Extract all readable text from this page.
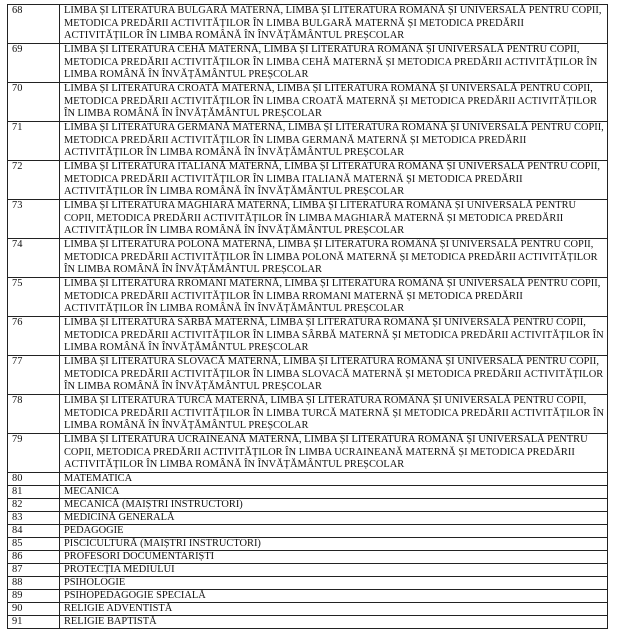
68	LIMBA ȘI LITERATURA BULGARĂ MATERNĂ, LIMBA ȘI LITERATURA ROMÂNĂ ȘI UNIVERSALĂ PENTRU COPII, METODICA PREDĂRII ACTIVITĂȚILOR ÎN LIMBA BULGARĂ MATERNĂ ȘI METODICA PREDĂRII ACTIVITĂȚILOR ÎN LIMBA ROMÂNĂ ÎN ÎNVĂȚĂMÂNTUL PREȘCOLAR
69	LIMBA ȘI LITERATURA CEHĂ MATERNĂ, LIMBA ȘI LITERATURA ROMÂNĂ ȘI UNIVERSALĂ PENTRU COPII, METODICA PREDĂRII ACTIVITĂȚILOR ÎN LIMBA CEHĂ MATERNĂ ȘI METODICA PREDĂRII ACTIVITĂȚILOR ÎN LIMBA ROMÂNĂ ÎN ÎNVĂȚĂMÂNTUL PREȘCOLAR
70	LIMBA ȘI LITERATURA CROATĂ MATERNĂ, LIMBA ȘI LITERATURA ROMÂNĂ ȘI UNIVERSALĂ PENTRU COPII, METODICA PREDĂRII ACTIVITĂȚILOR ÎN LIMBA CROATĂ MATERNĂ ȘI METODICA PREDĂRII ACTIVITĂȚILOR ÎN LIMBA ROMÂNĂ ÎN ÎNVĂȚĂMÂNTUL PREȘCOLAR
71	LIMBA ȘI LITERATURA GERMANĂ MATERNĂ, LIMBA ȘI LITERATURA ROMÂNĂ ȘI UNIVERSALĂ PENTRU COPII, METODICA PREDĂRII ACTIVITĂȚILOR ÎN LIMBA GERMANĂ MATERNĂ ȘI METODICA PREDĂRII ACTIVITĂȚILOR ÎN LIMBA ROMÂNĂ ÎN ÎNVĂȚĂMÂNTUL PREȘCOLAR
72	LIMBA ȘI LITERATURA ITALIANĂ MATERNĂ, LIMBA ȘI LITERATURA ROMÂNĂ ȘI UNIVERSALĂ PENTRU COPII, METODICA PREDĂRII ACTIVITĂȚILOR ÎN LIMBA ITALIANĂ MATERNĂ ȘI METODICA PREDĂRII ACTIVITĂȚILOR ÎN LIMBA ROMÂNĂ ÎN ÎNVĂȚĂMÂNTUL PREȘCOLAR
73	LIMBA ȘI LITERATURA MAGHIARĂ MATERNĂ, LIMBA ȘI LITERATURA ROMÂNĂ ȘI UNIVERSALĂ PENTRU COPII, METODICA PREDĂRII ACTIVITĂȚILOR ÎN LIMBA MAGHIARĂ MATERNĂ ȘI METODICA PREDĂRII ACTIVITĂȚILOR ÎN LIMBA ROMÂNĂ ÎN ÎNVĂȚĂMÂNTUL PREȘCOLAR
74	LIMBA ȘI LITERATURA POLONĂ MATERNĂ, LIMBA ȘI LITERATURA ROMÂNĂ ȘI UNIVERSALĂ PENTRU COPII, METODICA PREDĂRII ACTIVITĂȚILOR ÎN LIMBA POLONĂ MATERNĂ ȘI METODICA PREDĂRII ACTIVITĂȚILOR ÎN LIMBA ROMÂNĂ ÎN ÎNVĂȚĂMÂNTUL PREȘCOLAR
75	LIMBA ȘI LITERATURA RROMANI MATERNĂ, LIMBA ȘI LITERATURA ROMÂNĂ ȘI UNIVERSALĂ PENTRU COPII, METODICA PREDĂRII ACTIVITĂȚILOR ÎN LIMBA RROMANI MATERNĂ ȘI METODICA PREDĂRII ACTIVITĂȚILOR ÎN LIMBA ROMÂNĂ ÎN ÎNVĂȚĂMÂNTUL PREȘCOLAR
76	LIMBA ȘI LITERATURA SÂRBĂ MATERNĂ, LIMBA ȘI LITERATURA ROMÂNĂ ȘI UNIVERSALĂ PENTRU COPII, METODICA PREDĂRII ACTIVITĂȚILOR ÎN LIMBA SÂRBĂ MATERNĂ ȘI METODICA PREDĂRII ACTIVITĂȚILOR ÎN LIMBA ROMÂNĂ ÎN ÎNVĂȚĂMÂNTUL PREȘCOLAR
77	LIMBA ȘI LITERATURA SLOVACĂ MATERNĂ, LIMBA ȘI LITERATURA ROMÂNĂ ȘI UNIVERSALĂ PENTRU COPII, METODICA PREDĂRII ACTIVITĂȚILOR ÎN LIMBA SLOVACĂ MATERNĂ ȘI METODICA PREDĂRII ACTIVITĂȚILOR ÎN LIMBA ROMÂNĂ ÎN ÎNVĂȚĂMÂNTUL PREȘCOLAR
78	LIMBA ȘI LITERATURA TURCĂ MATERNĂ, LIMBA ȘI LITERATURA ROMÂNĂ ȘI UNIVERSALĂ PENTRU COPII, METODICA PREDĂRII ACTIVITĂȚILOR ÎN LIMBA TURCĂ MATERNĂ ȘI METODICA PREDĂRII ACTIVITĂȚILOR ÎN LIMBA ROMÂNĂ ÎN ÎNVĂȚĂMÂNTUL PREȘCOLAR
79	LIMBA ȘI LITERATURA UCRAINEANĂ MATERNĂ, LIMBA ȘI LITERATURA ROMÂNĂ ȘI UNIVERSALĂ PENTRU COPII, METODICA PREDĂRII ACTIVITĂȚILOR ÎN LIMBA UCRAINEANĂ MATERNĂ ȘI METODICA PREDĂRII ACTIVITĂȚILOR ÎN LIMBA ROMÂNĂ ÎN ÎNVĂȚĂMÂNTUL PREȘCOLAR
80	MATEMATICA
81	MECANICA
82	MECANICĂ (MAIȘTRI INSTRUCTORI)
83	MEDICINĂ GENERALĂ
84	PEDAGOGIE
85	PISCICULTURĂ (MAIȘTRI INSTRUCTORI)
86	PROFESORI DOCUMENTARIȘTI
87	PROTECȚIA MEDIULUI
88	PSIHOLOGIE
89	PSIHOPEDAGOGIE SPECIALĂ
90	RELIGIE ADVENTISTĂ
91	RELIGIE BAPTISTĂ
